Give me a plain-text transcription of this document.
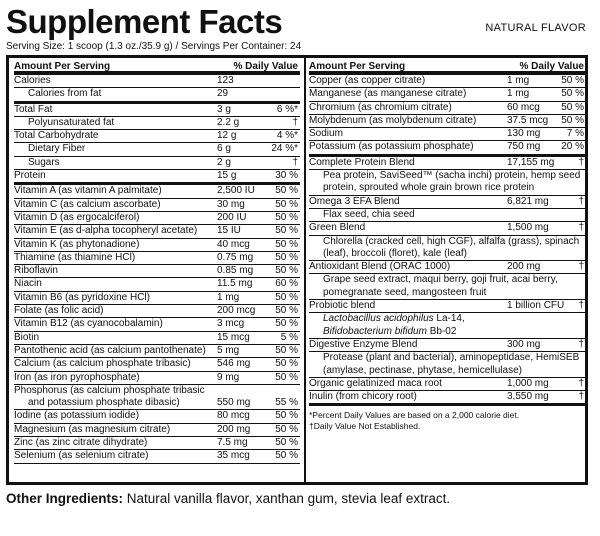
Supplement Facts	NATURAL FLAVOR
Serving Size: 1 scoop (1.3 oz./35.9 g) / Servings Per Container: 24
Amount Per Serving	% Daily Value
Calories	123
Calories from fat	29
Total Fat	3 g	6 %*
Polyunsaturated fat	2.2 g	†
Total Carbohydrate	12 g	4 %*
Dietary Fiber	6 g	24 %*
Sugars	2 g	†
Protein	15 g	30 %
Vitamin A (as vitamin A palmitate)	2,500 IU 50 %
Vitamin C (as calcium ascorbate)	30 mg	50 %
Vitamin D (as ergocalciferol)	200 IU	50 %
Vitamin E (as d-alpha tocopheryl acetate)	15 IU	50 %
Vitamin K (as phytonadione)	40 mcg	50 %
Thiamine (as thiamine HCl)	0.75 mg 50 %
Riboflavin	0.85 mg 50 %
Niacin	11.5 mg 60 %
Vitamin B6 (as pyridoxine HCl)	1 mg	50 %
Folate (as folic acid)	200 mcg 50 %
Vitamin B12 (as cyanocobalamin)	3 mcg	50 %
Biotin	15 mcg	5 %
Pantothenic acid (as calcium pantothenate)	5 mg	50 %
Calcium (as calcium phosphate tribasic)	546 mg 50 %
Iron (as iron pyrophosphate)	9 mg	50 %
Phosphorus (as calcium phosphate tribasic
and potassium phosphate dibasic)	550 mg 55 %
Iodine (as potassium iodide)	80 mcg	50 %
Magnesium (as magnesium citrate)	200 mg 50 %
Zinc (as zinc citrate dihydrate)	7.5 mg	50 %
Selenium (as selenium citrate)	35 mcg	50 %
Amount Per Serving	% Daily Value
Copper (as copper citrate)	1 mg	50 %
Manganese (as manganese citrate)	1 mg	50 %
Chromium (as chromium citrate)	60 mcg 50 %
Molybdenum (as molybdenum citrate)	37.5 mcg 50 %
Sodium	130 mg	7 %
Potassium (as potassium phosphate)	750 mg 20 %
Complete Protein Blend	17,155 mg †
Pea protein, SaviSeed™ (sacha inchi) protein, hemp seed protein, sprouted whole grain brown rice protein
Omega 3 EFA Blend	6,821 mg	†
Flax seed, chia seed
Green Blend	1,500 mg	†
Chlorella (cracked cell, high CGF), alfalfa (grass), spinach (leaf), broccoli (floret), kale (leaf)
Antioxidant Blend (ORAC 1000)	200 mg	†
Grape seed extract, maqui berry, goji fruit, acai berry, pomegranate seed, mangosteen fruit
Probiotic blend	1 billion CFU †
Lactobacillus acidophilus La-14,
Bifidobacterium bifidum Bb-02
Digestive Enzyme Blend	300 mg	†
Protease (plant and bacterial), aminopeptidase, HemiSEB (amylase, pectinase, phytase, hemicellulase)
Organic gelatinized maca root	1,000 mg	†
Inulin (from chicory root)	3,550 mg	†
*Percent Daily Values are based on a 2,000 calorie diet.
†Daily Value Not Established.
Other Ingredients: Natural vanilla flavor, xanthan gum, stevia leaf extract.
